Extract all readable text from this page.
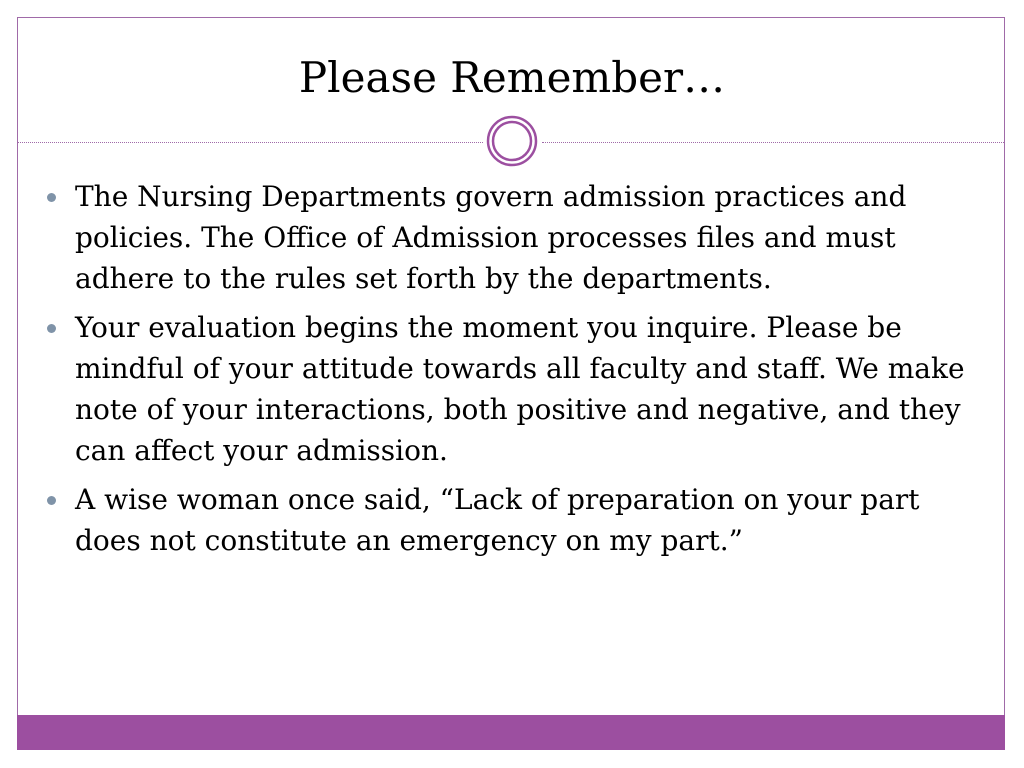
Please Remember…
The Nursing Departments govern admission practices and policies. The Office of Admission processes files and must adhere to the rules set forth by the departments.
Your evaluation begins the moment you inquire. Please be mindful of your attitude towards all faculty and staff. We make note of your interactions, both positive and negative, and they can affect your admission.
A wise woman once said, “Lack of preparation on your part does not constitute an emergency on my part.”
